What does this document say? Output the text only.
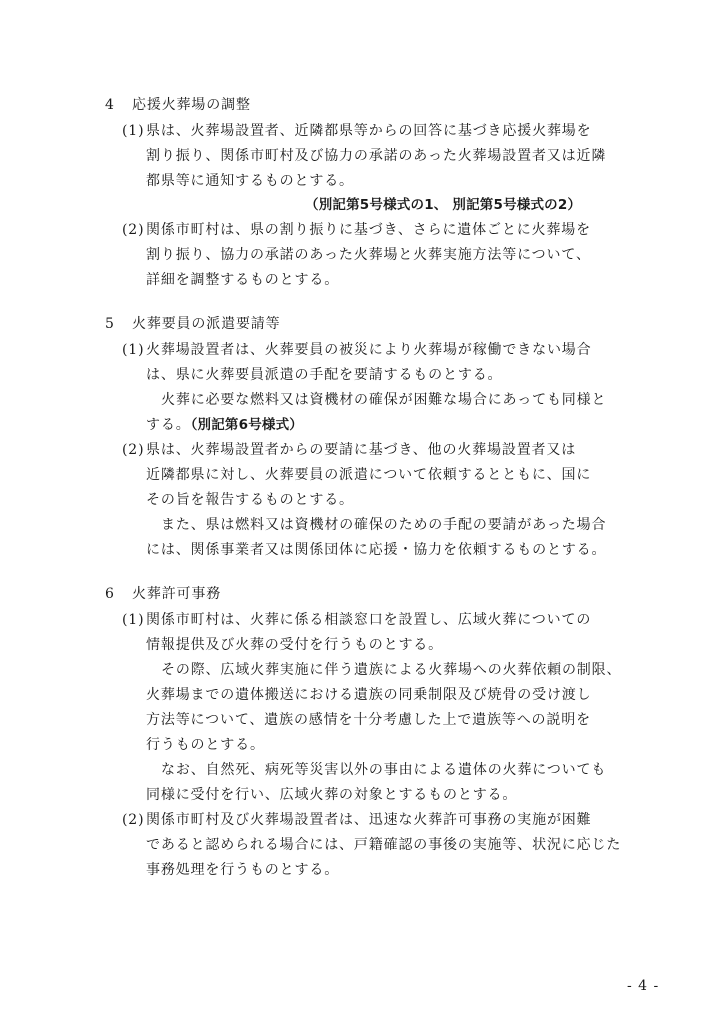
4 応援火葬場の調整
(1) 県は、火葬場設置者、近隣都県等からの回答に基づき応援火葬場を
割り振り、関係市町村及び協力の承諾のあった火葬場設置者又は近隣
都県等に通知するものとする。
（別記第5号様式の1、 別記第5号様式の2）
(2) 関係市町村は、県の割り振りに基づき、さらに遺体ごとに火葬場を
割り振り、協力の承諾のあった火葬場と火葬実施方法等について、
詳細を調整するものとする。
5 火葬要員の派遣要請等
(1) 火葬場設置者は、火葬要員の被災により火葬場が稼働できない場合
は、県に火葬要員派遣の手配を要請するものとする。
火葬に必要な燃料又は資機材の確保が困難な場合にあっても同様と
する。（別記第6号様式）
(2) 県は、火葬場設置者からの要請に基づき、他の火葬場設置者又は
近隣都県に対し、火葬要員の派遣について依頼するとともに、国に
その旨を報告するものとする。
また、県は燃料又は資機材の確保のための手配の要請があった場合
には、関係事業者又は関係団体に応援・協力を依頼するものとする。
6 火葬許可事務
(1) 関係市町村は、火葬に係る相談窓口を設置し、広域火葬についての
情報提供及び火葬の受付を行うものとする。
その際、広域火葬実施に伴う遺族による火葬場への火葬依頼の制限、
火葬場までの遺体搬送における遺族の同乗制限及び焼骨の受け渡し
方法等について、遺族の感情を十分考慮した上で遺族等への説明を
行うものとする。
なお、自然死、病死等災害以外の事由による遺体の火葬についても
同様に受付を行い、広域火葬の対象とするものとする。
(2) 関係市町村及び火葬場設置者は、迅速な火葬許可事務の実施が困難
であると認められる場合には、戸籍確認の事後の実施等、状況に応じた
事務処理を行うものとする。
- 4 -
